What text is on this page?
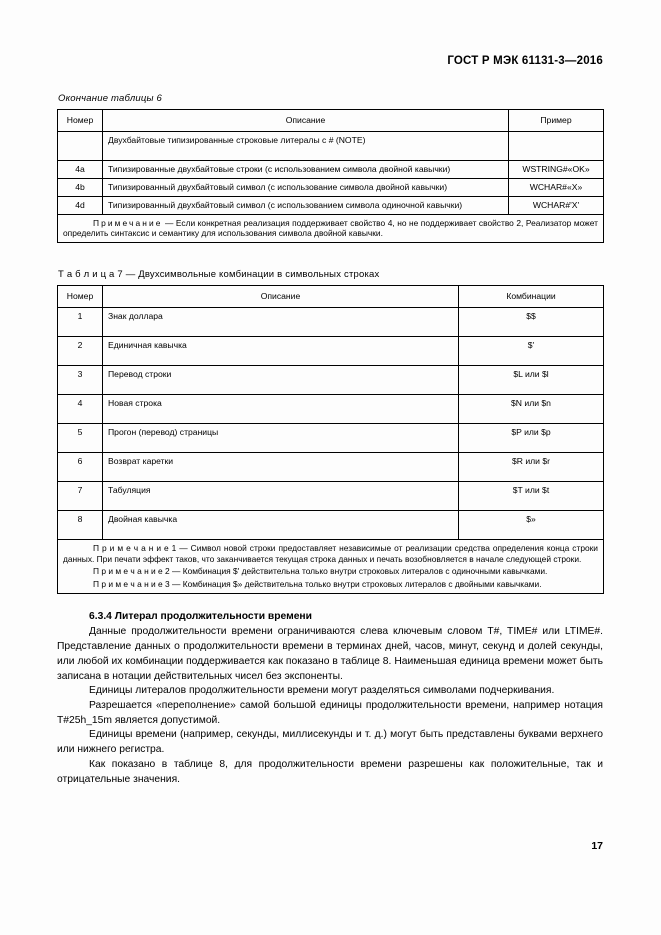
ГОСТ Р МЭК 61131-3—2016
Окончание таблицы 6
Номер	Описание	Пример
	Двухбайтовые типизированные строковые литералы с # (NOTE)	
4a	Типизированные двухбайтовые строки (с использованием символа двойной кавычки)	WSTRING#«OK»
4b	Типизированный двухбайтовый символ (с использование символа двойной кавычки)	WCHAR#«X»
4d	Типизированный двухбайтовый символ (с использованием символа одиночной кавычки)	WCHAR#'X'

Примечание — Если конкретная реализация поддерживает свойство 4, но не поддерживает свойство 2, Реализатор может определить синтаксис и семантику для использования символа двойной кавычки.		

Т а б л и ц а 7 — Двухсимвольные комбинации в символьных строках
Номер	Описание	Комбинации
1	Знак доллара	$$
2	Единичная кавычка	$'
3	Перевод строки	$L или $l
4	Новая строка	$N или $n
5	Прогон (перевод) страницы	$P или $p
6	Возврат каретки	$R или $r
7	Табуляция	$T или $t
8	Двойная кавычка	$»

П р и м е ч а н и е 1 — Символ новой строки предоставляет независимые от реализации средства определения конца строки данных. При печати эффект таков, что заканчивается текущая строка данных и печать возобновляется в начале следующей строки.

П р и м е ч а н и е 2 — Комбинация $' действительна только внутри строковых литералов с одиночными кавычками.

П р и м е ч а н и е 3 — Комбинация $» действительна только внутри строковых литералов с двойными кавычками.		

6.3.4 Литерал продолжительности времени

Данные продолжительности времени ограничиваются слева ключевым словом T#, TIME# или LTIME#. Представление данных о продолжительности времени в терминах дней, часов, минут, секунд и долей секунды, или любой их комбинации поддерживается как показано в таблице 8. Наименьшая единица времени может быть записана в нотации действительных чисел без экспоненты.

Единицы литералов продолжительности времени могут разделяться символами подчеркивания.

Разрешается «переполнение» самой большой единицы продолжительности времени, например нотация T#25h_15m является допустимой.

Единицы времени (например, секунды, миллисекунды и т. д.) могут быть представлены буквами верхнего или нижнего регистра.

Как показано в таблице 8, для продолжительности времени разрешены как положительные, так и отрицательные значения.

17
